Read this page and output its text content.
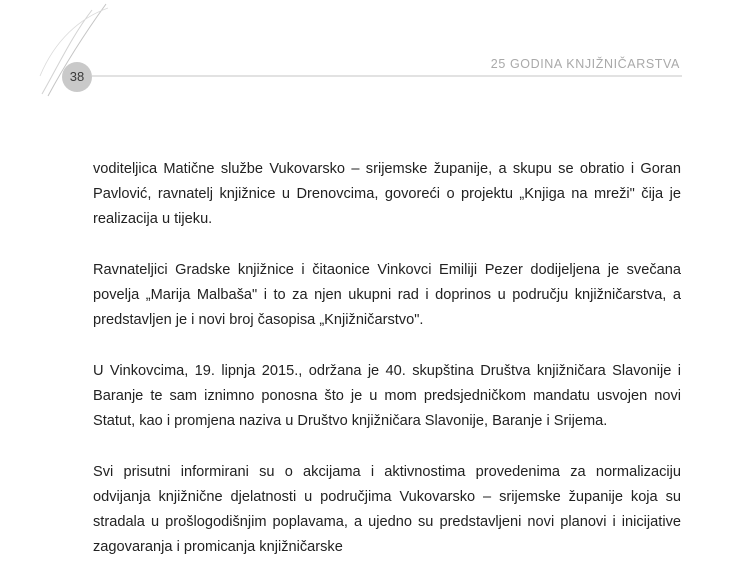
38
25 GODINA KNJIŽNIČARSTVA

voditeljica Matične službe Vukovarsko – srijemske županije, a skupu se obratio i Goran Pavlović, ravnatelj knjižnice u Drenovcima, govoreći o projektu „Knjiga na mreži" čija je realizacija u tijeku.

Ravnateljici Gradske knjižnice i čitaonice Vinkovci Emiliji Pezer dodijeljena je svečana povelja „Marija Malbaša" i to za njen ukupni rad i doprinos u području knjižničarstva, a predstavljen je i novi broj časopisa „Knjižničarstvo".

U Vinkovcima, 19. lipnja 2015., održana je 40. skupština Društva knjižničara Slavonije i Baranje te sam iznimno ponosna što je u mom predsjedničkom mandatu usvojen novi Statut, kao i promjena naziva u Društvo knjižničara Slavonije, Baranje i Srijema.

Svi prisutni informirani su o akcijama i aktivnostima provedenima za normalizaciju odvijanja knjižnične djelatnosti u područjima Vukovarsko – srijemske županije koja su stradala u prošlogodišnjim poplavama, a ujedno su predstavljeni novi planovi i inicijative zagovaranja i promicanja knjižničarske
